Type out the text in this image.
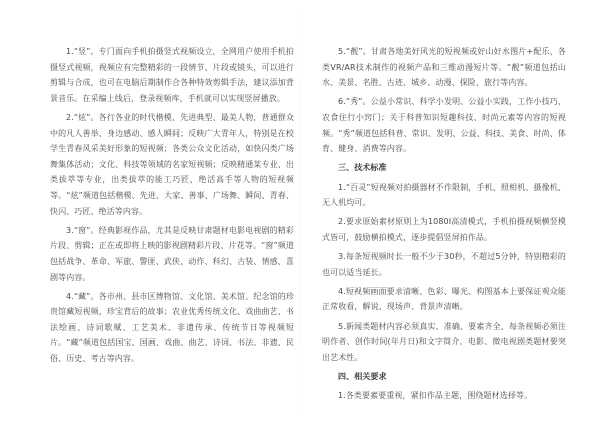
1.“竖”。专门面向手机拍摄竖式视频设立，全网用户使用手机拍摄竖式视频，视频应有完整精彩的一段情节、片段或镜头，可以进行剪辑与合成，也可在电脑后期制作合各种特效剪辑手法，建议添加背景音乐。在采编上线后，登录视频库，手机就可以实现竖屏播放。

2.“炫”。各行各业的时代楷模、先进典型、最美人物，普通群众中的凡人善举、身边感动、感人瞬间；反映广大青年人，特别是在校学生青春风采美好形象的短视频；各类公众文化活动，如快闪类广场舞集体活动；文化、科技等领域的名家短视频；反映精通某专业、出类拔萃等专业，出类拔萃的能工巧匠，绝活高手等人物的短视频等。“炫”频道包括楷模、先进、大家、善事、广场舞、瞬间、青春、快闪、巧匠、绝活等内容。

3.“窗”。经典影视作品，尤其是反映甘肃题材电影电视剧的精彩片段、剪辑；正在或即将上映的影视剧精彩片段、片花等。“窗”频道包括战争、革命、军旅、警匪、武侠、动作、科幻、古装、情感、喜剧等内容。

4.“藏”。各市州、县市区博物馆、文化馆、美术馆、纪念馆的珍贵馆藏短视频，珍宝背后的故事；农业优秀传统文化、戏曲曲艺、书法绘画、诗词歌赋、工艺美术、非遗传承、传统节日等视频短片。“藏”频道包括国宝、国画、戏曲、曲艺、诗词、书法、非遗、民俗、历史、考古等内容。

5.“靓”。甘肃各地美好风光的短视频或好山好水图片+配乐，各类VR/AR技术制作的视频产品和三维动漫短片等。“靓”频道包括山水、美景、名胜、古迹、城乡、动漫、探险、旅行等内容。

6.“秀”。公益小常识、科学小发明、公益小实践，工作小技巧，农食住行小窍门；关于科普知识短趣科技、时尚元素等内容的短视频。“秀”频道包括科普、常识、发明、公益、科技、美食、时尚、体育、健身、消费等内容。

三、技术标准

1.“百灵”短视频对拍摄器材不作限制，手机、照相机、摄像机、无人机均可。

2.要求原始素材原则上为1080I高清模式，手机拍摄视频横竖模式皆可，鼓励横拍模式，逐步提倡竖屏拍作品。

3.每条短视频时长一般不少于30秒，不超过5分钟，特别精彩的也可以适当延长。

4.短视频画面要求清晰、色彩、曝光、构图基本上要保证观众能正常收看，解说、现场声、背景声清晰。

5.新闻类题材内容必须真实、准确、要素齐全，每条视频必须注明作者、创作时间(年月日)和文字简介，电影、微电视剧类题材要突出艺术性。

四、相关要求

1.各类要素要重视，紧扣作品主题，围绕题材选择等。
